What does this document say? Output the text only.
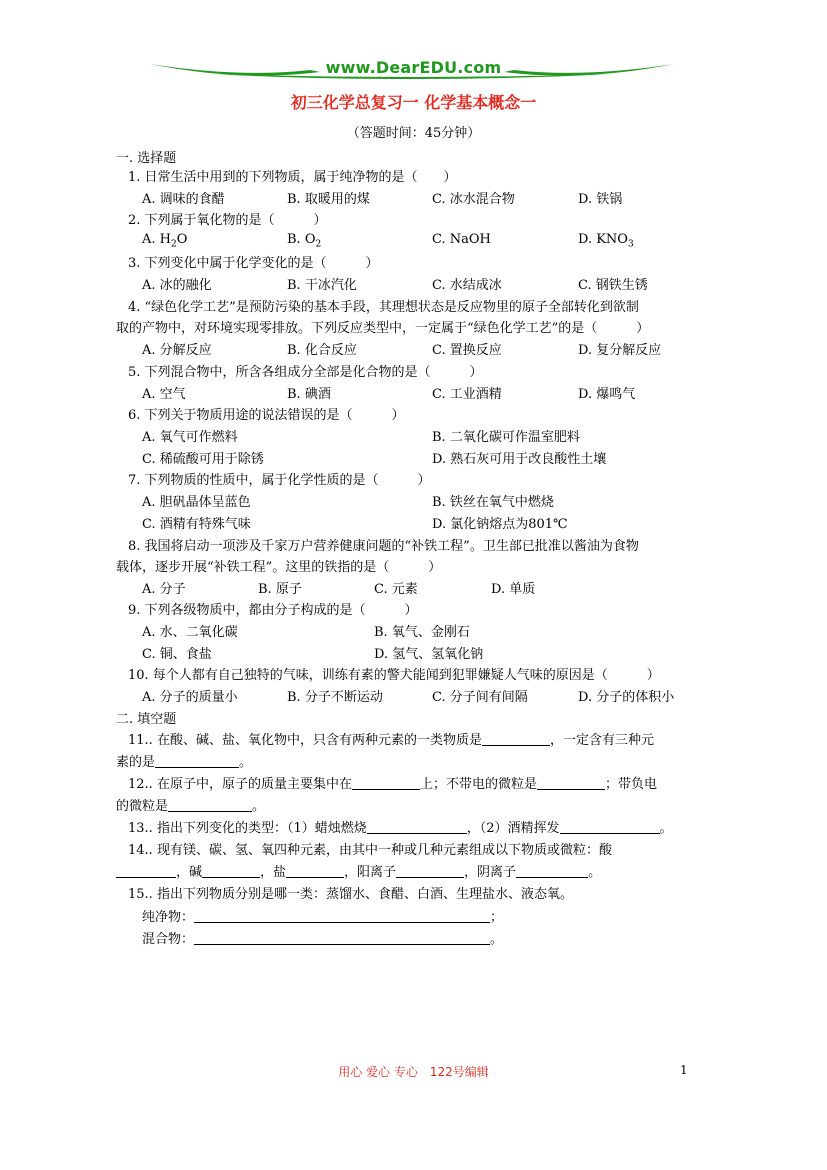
www.DearEDU.com
初三化学总复习一 化学基本概念一
（答题时间：45分钟）
一. 选择题
1. 日常生活中用到的下列物质，属于纯净物的是（　　）
A. 调味的食醋	B. 取暖用的煤	C. 冰水混合物	D. 铁锅
2. 下列属于氧化物的是（　　　）
A. $H_2O$	B. $O_2$	C. NaOH	D. $KNO_3$
3. 下列变化中属于化学变化的是（　　　）
A. 冰的融化	B. 干冰汽化	C. 水结成冰	C. 钢铁生锈
4. “绿色化学工艺”是预防污染的基本手段，其理想状态是反应物里的原子全部转化到欲制
取的产物中，对环境实现零排放。下列反应类型中，一定属于“绿色化学工艺”的是（　　　）
A. 分解反应	B. 化合反应	C. 置换反应	D. 复分解反应
5. 下列混合物中，所含各组成分全部是化合物的是（　　　）
A. 空气	B. 碘酒	C. 工业酒精	D. 爆鸣气
6. 下列关于物质用途的说法错误的是（　　　）
A. 氧气可作燃料	B. 二氧化碳可作温室肥料
C. 稀硫酸可用于除锈	D. 熟石灰可用于改良酸性土壤
7. 下列物质的性质中，属于化学性质的是（　　　）
A. 胆矾晶体呈蓝色	B. 铁丝在氧气中燃烧
C. 酒精有特殊气味	D. 氯化钠熔点为801℃
8. 我国将启动一项涉及千家万户营养健康问题的“补铁工程”。卫生部已批准以酱油为食物
载体，逐步开展“补铁工程”。这里的铁指的是（　　　）
A. 分子	B. 原子	C. 元素	D. 单质
9. 下列各级物质中，都由分子构成的是（　　　）
A. 水、二氧化碳	B. 氧气、金刚石
C. 铜、食盐	D. 氢气、氢氧化钠
10. 每个人都有自己独特的气味，训练有素的警犬能闻到犯罪嫌疑人气味的原因是（　　　）
A. 分子的质量小	B. 分子不断运动	C. 分子间有间隔	D. 分子的体积小
二. 填空题
11.. 在酸、碱、盐、氧化物中，只含有两种元素的一类物质是	，一定含有三种元
素的是	。
12.. 在原子中，原子的质量主要集中在	上；不带电的微粒是	；带负电
的微粒是	。
13.. 指出下列变化的类型：（1）蜡烛燃烧	，（2）酒精挥发	。
14.. 现有镁、碳、氢、氧四种元素，由其中一种或几种元素组成以下物质或微粒：酸
，碱	，盐	，阳离子	，阴离子	。
15.. 指出下列物质分别是哪一类：蒸馏水、食醋、白酒、生理盐水、液态氧。
纯净物：	；
混合物：	。
用心 爱心 专心　122号编辑	1
